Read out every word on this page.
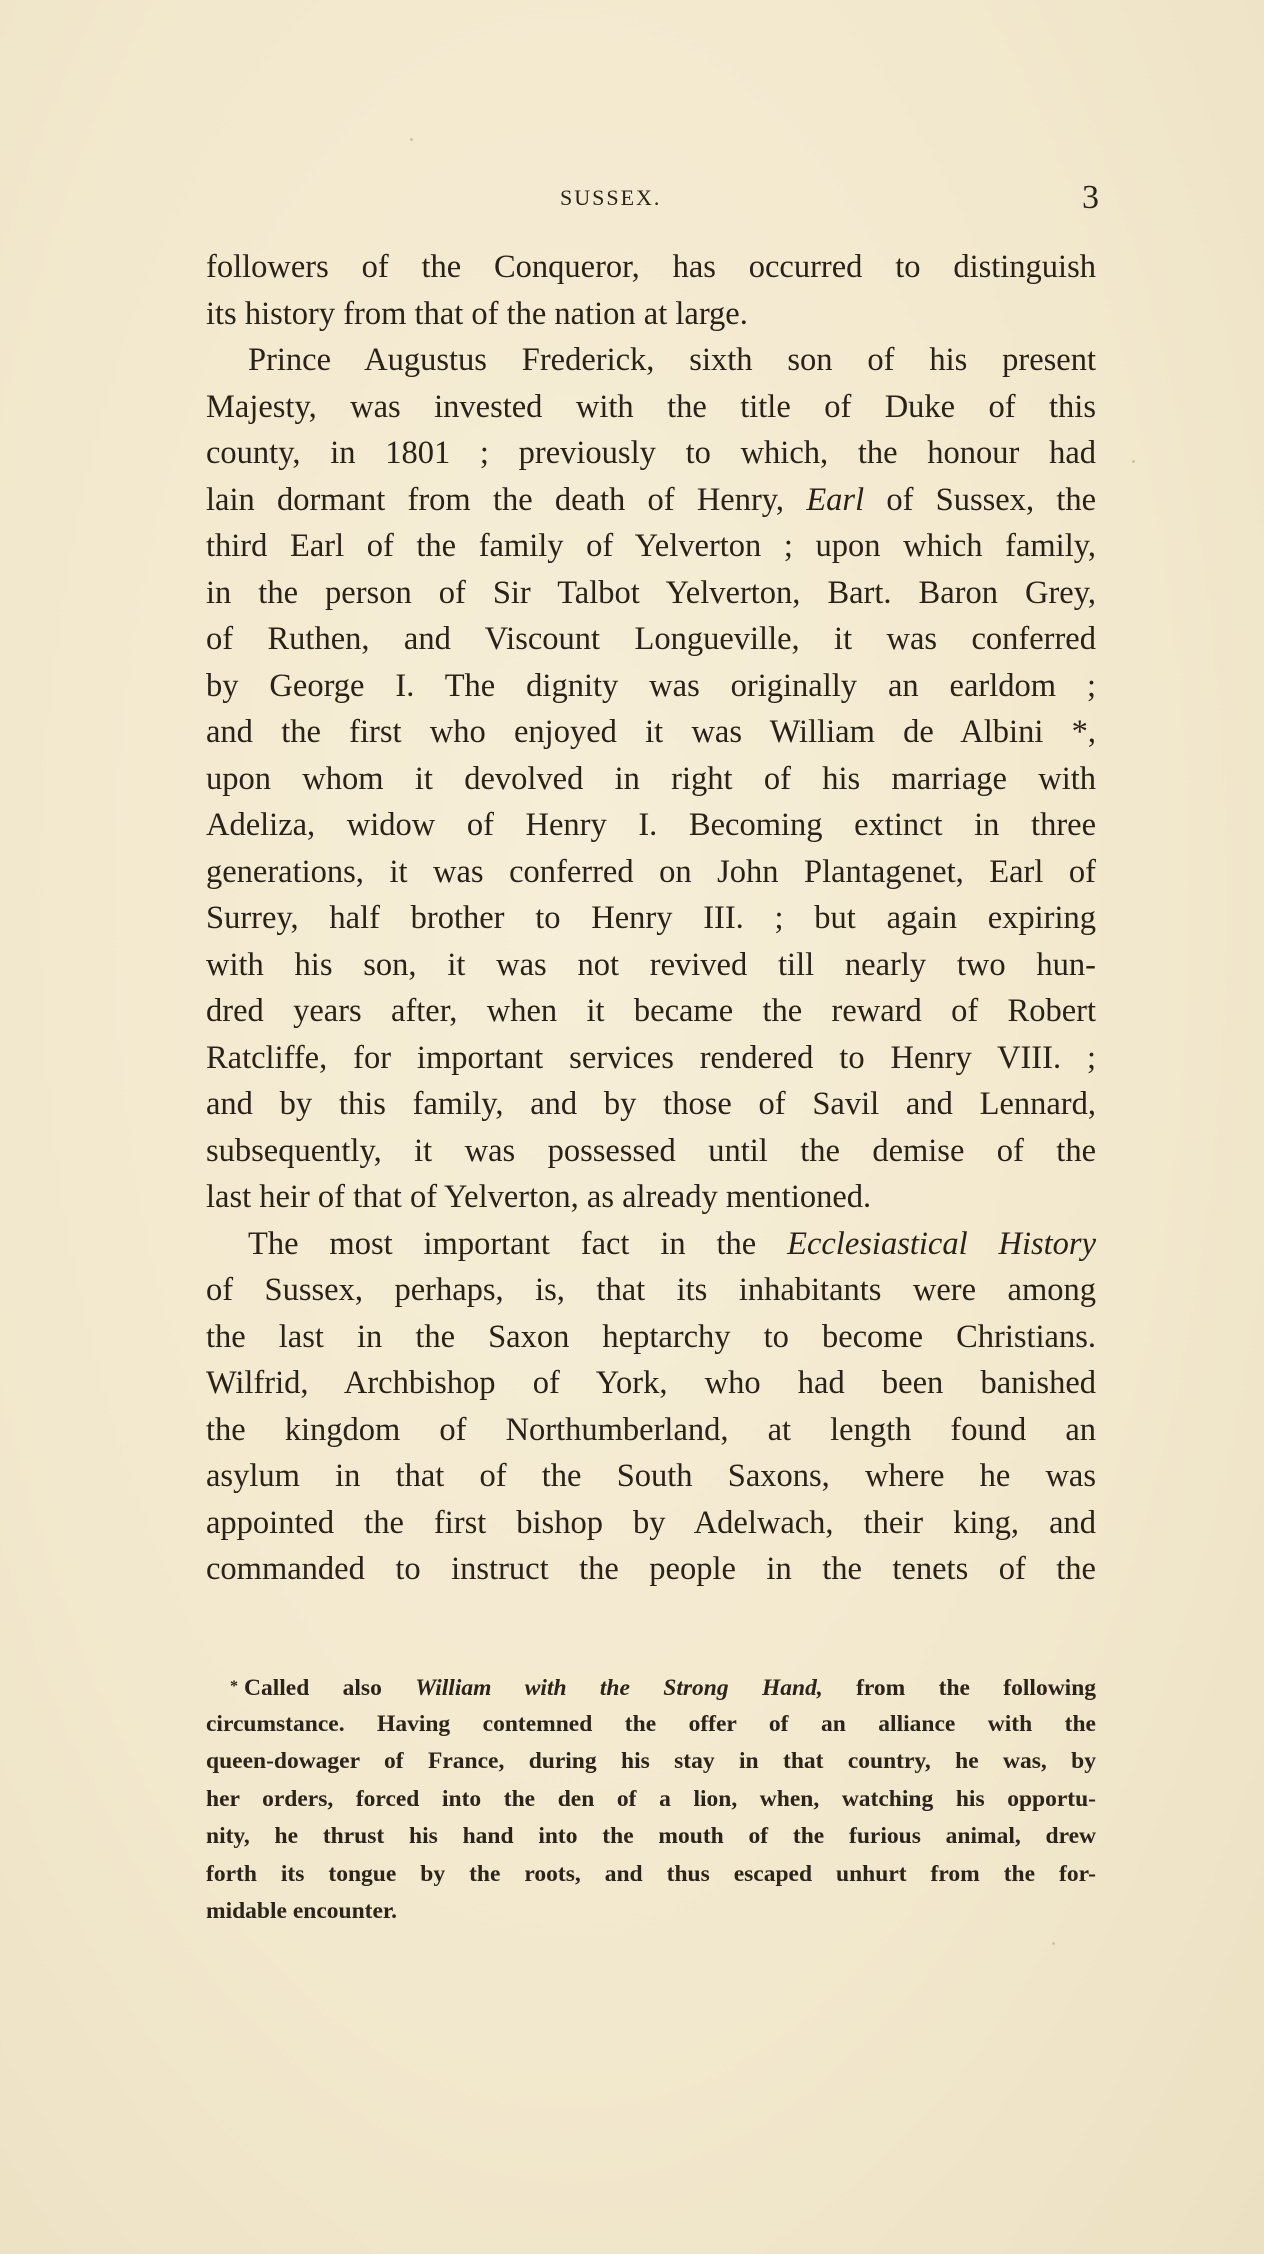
SUSSEX.	3
followers of the Conqueror, has occurred to distinguish
its history from that of the nation at large.
Prince Augustus Frederick, sixth son of his present
Majesty, was invested with the title of Duke of this
county, in 1801 ; previously to which, the honour had
lain dormant from the death of Henry, Earl of Sussex, the
third Earl of the family of Yelverton ; upon which family,
in the person of Sir Talbot Yelverton, Bart. Baron Grey,
of Ruthen, and Viscount Longueville, it was conferred
by George I. The dignity was originally an earldom ;
and the first who enjoyed it was William de Albini *,
upon whom it devolved in right of his marriage with
Adeliza, widow of Henry I. Becoming extinct in three
generations, it was conferred on John Plantagenet, Earl of
Surrey, half brother to Henry III. ; but again expiring
with his son, it was not revived till nearly two hun-
dred years after, when it became the reward of Robert
Ratcliffe, for important services rendered to Henry VIII. ;
and by this family, and by those of Savil and Lennard,
subsequently, it was possessed until the demise of the
last heir of that of Yelverton, as already mentioned.
The most important fact in the Ecclesiastical History
of Sussex, perhaps, is, that its inhabitants were among
the last in the Saxon heptarchy to become Christians.
Wilfrid, Archbishop of York, who had been banished
the kingdom of Northumberland, at length found an
asylum in that of the South Saxons, where he was
appointed the first bishop by Adelwach, their king, and
commanded to instruct the people in the tenets of the
* Called also William with the Strong Hand, from the following
circumstance. Having contemned the offer of an alliance with the
queen-dowager of France, during his stay in that country, he was, by
her orders, forced into the den of a lion, when, watching his opportu-
nity, he thrust his hand into the mouth of the furious animal, drew
forth its tongue by the roots, and thus escaped unhurt from the for-
midable encounter.
